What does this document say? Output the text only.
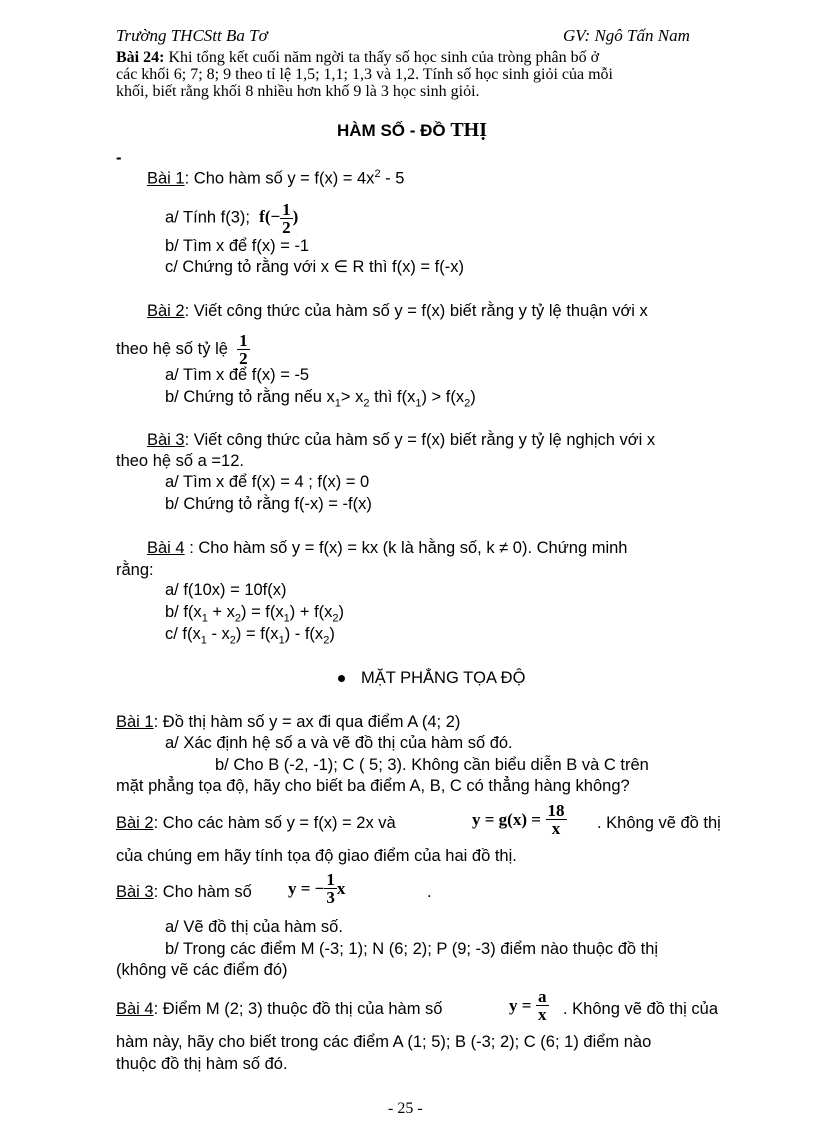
Trường THCStt Ba Tơ	GV: Ngô Tấn Nam
Bài 24: Khi tổng kết cuối năm ngời ta thấy số học sinh của tròng phân bố ở
các khối 6; 7; 8; 9 theo tỉ lệ 1,5; 1,1; 1,3 và 1,2. Tính số học sinh giỏi của mỗi
khối, biết rằng khối 8 nhiều hơn khố 9 là 3 học sinh giỏi.
HÀM SỐ - ĐỒ THỊ
-
Bài 1: Cho hàm số $y = f(x) = 4x^2 - 5$
a/ Tính f(3); $f(- \frac{1}{2}$ )
b/ Tìm x để f(x) = -1
c/ Chứng tỏ rằng với x ∈ R thì f(x) = f(-x)
Bài 2: Viết công thức của hàm số y = f(x) biết rằng y tỷ lệ thuận với x
theo hệ số tỷ lệ $\frac{1}{2}$
a/ Tìm x để f(x) = -5
b/ Chứng tỏ rằng nếu $x_1> x_2$ thì $f(x_1) > f(x_2)$
Bài 3: Viết công thức của hàm số y = f(x) biết rằng y tỷ lệ nghịch với x
theo hệ số a =12.
a/ Tìm x để f(x) = 4 ; f(x) = 0
b/ Chứng tỏ rằng f(-x) = -f(x)
Bài 4 : Cho hàm số y = f(x) = kx (k là hằng số, k ≠ 0). Chứng minh
rằng:
a/ f(10x) = 10f(x)
b/ $f(x_1 + x_2) = f(x_1) + f(x_2)$
c/ $f(x_1 - x_2) = f(x_1) - f(x_2)$
MẶT PHẲNG TỌA ĐỘ
Bài 1: Đồ thị hàm số y = ax đi qua điểm A (4; 2)
a/ Xác định hệ số a và vẽ đồ thị của hàm số đó.
b/ Cho B (-2, -1); C ( 5; 3). Không cần biểu diễn B và C trên
mặt phẳng tọa độ, hãy cho biết ba điểm A, B, C có thẳng hàng không?
Bài 2: Cho các hàm số y = f(x) = 2x và	$y = g(x) = \frac{18}{x}$ . Không vẽ đồ thị
của chúng em hãy tính tọa độ giao điểm của hai đồ thị.
Bài 3: Cho hàm số y = − $\frac{1}{3}$ x	.
a/ Vẽ đồ thị của hàm số.
b/ Trong các điểm M (-3; 1); N (6; 2); P (9; -3) điểm nào thuộc đồ thị
(không vẽ các điểm đó)
Bài 4: Điểm M (2; 3) thuộc đồ thị của hàm số	$y = \frac{a}{x}$ . Không vẽ đồ thị của
hàm này, hãy cho biết trong các điểm A (1; 5); B (-3; 2); C (6; 1) điểm nào
thuộc đồ thị hàm số đó.
- 25 -
